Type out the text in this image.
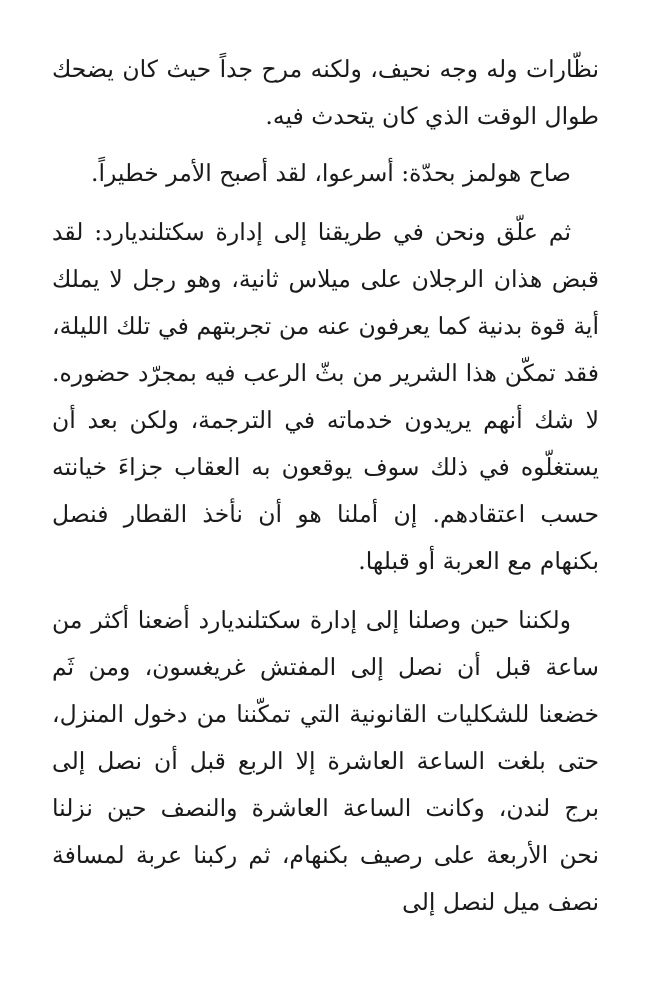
نظّارات وله وجه نحيف، ولكنه مرح جداً حيث كان يضحك طوال الوقت الذي كان يتحدث فيه.

صاح هولمز بحدّة: أسرعوا، لقد أصبح الأمر خطيراً.

ثم علّق ونحن في طريقنا إلى إدارة سكتلنديارد: لقد قبض هذان الرجلان على ميلاس ثانية، وهو رجل لا يملك أية قوة بدنية كما يعرفون عنه من تجربتهم في تلك الليلة، فقد تمكّن هذا الشرير من بثّ الرعب فيه بمجرّد حضوره. لا شك أنهم يريدون خدماته في الترجمة، ولكن بعد أن يستغلّوه في ذلك سوف يوقعون به العقاب جزاءَ خيانته حسب اعتقادهم. إن أملنا هو أن نأخذ القطار فنصل بكنهام مع العربة أو قبلها.

ولكننا حين وصلنا إلى إدارة سكتلنديارد أضعنا أكثر من ساعة قبل أن نصل إلى المفتش غريغسون، ومن ثَم خضعنا للشكليات القانونية التي تمكّننا من دخول المنزل، حتى بلغت الساعة العاشرة إلا الربع قبل أن نصل إلى برج لندن، وكانت الساعة العاشرة والنصف حين نزلنا نحن الأربعة على رصيف بكنهام، ثم ركبنا عربة لمسافة نصف ميل لنصل إلى
